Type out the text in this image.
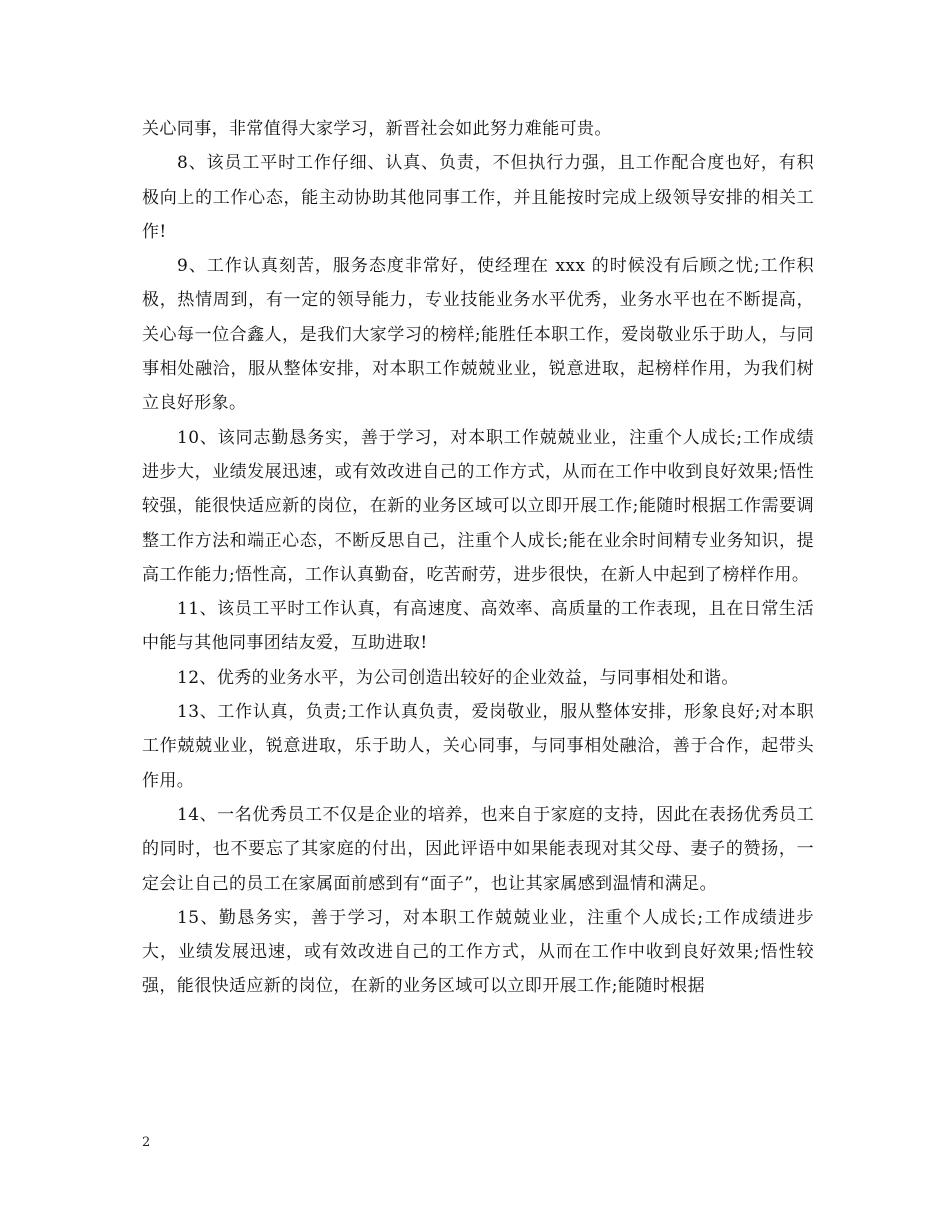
关心同事，非常值得大家学习，新晋社会如此努力难能可贵。

8、该员工平时工作仔细、认真、负责，不但执行力强，且工作配合度也好，有积极向上的工作心态，能主动协助其他同事工作，并且能按时完成上级领导安排的相关工作!

9、工作认真刻苦，服务态度非常好，使经理在 xxx 的时候没有后顾之忧;工作积极，热情周到，有一定的领导能力，专业技能业务水平优秀，业务水平也在不断提高，关心每一位合鑫人，是我们大家学习的榜样;能胜任本职工作，爱岗敬业乐于助人，与同事相处融洽，服从整体安排，对本职工作兢兢业业，锐意进取，起榜样作用，为我们树立良好形象。

10、该同志勤恳务实，善于学习，对本职工作兢兢业业，注重个人成长;工作成绩进步大，业绩发展迅速，或有效改进自己的工作方式，从而在工作中收到良好效果;悟性较强，能很快适应新的岗位，在新的业务区域可以立即开展工作;能随时根据工作需要调整工作方法和端正心态，不断反思自己，注重个人成长;能在业余时间精专业务知识，提高工作能力;悟性高，工作认真勤奋，吃苦耐劳，进步很快，在新人中起到了榜样作用。

11、该员工平时工作认真，有高速度、高效率、高质量的工作表现，且在日常生活中能与其他同事团结友爱，互助进取!

12、优秀的业务水平，为公司创造出较好的企业效益，与同事相处和谐。

13、工作认真，负责;工作认真负责，爱岗敬业，服从整体安排，形象良好;对本职工作兢兢业业，锐意进取，乐于助人，关心同事，与同事相处融洽，善于合作，起带头作用。

14、一名优秀员工不仅是企业的培养，也来自于家庭的支持，因此在表扬优秀员工的同时，也不要忘了其家庭的付出，因此评语中如果能表现对其父母、妻子的赞扬，一定会让自己的员工在家属面前感到有“面子”，也让其家属感到温情和满足。

15、勤恳务实，善于学习，对本职工作兢兢业业，注重个人成长;工作成绩进步大，业绩发展迅速，或有效改进自己的工作方式，从而在工作中收到良好效果;悟性较强，能很快适应新的岗位，在新的业务区域可以立即开展工作;能随时根据

2
